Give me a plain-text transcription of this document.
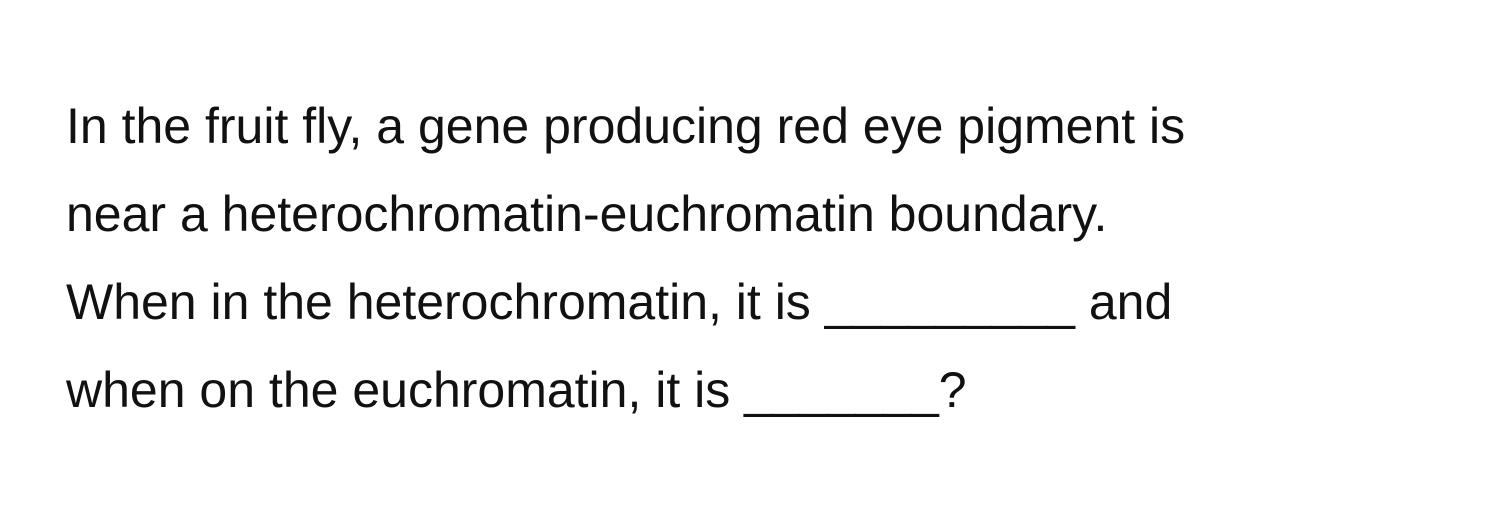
In the fruit fly, a gene producing red eye pigment is
near a heterochromatin-euchromatin boundary.
When in the heterochromatin, it is _________ and
when on the euchromatin, it is _______?
